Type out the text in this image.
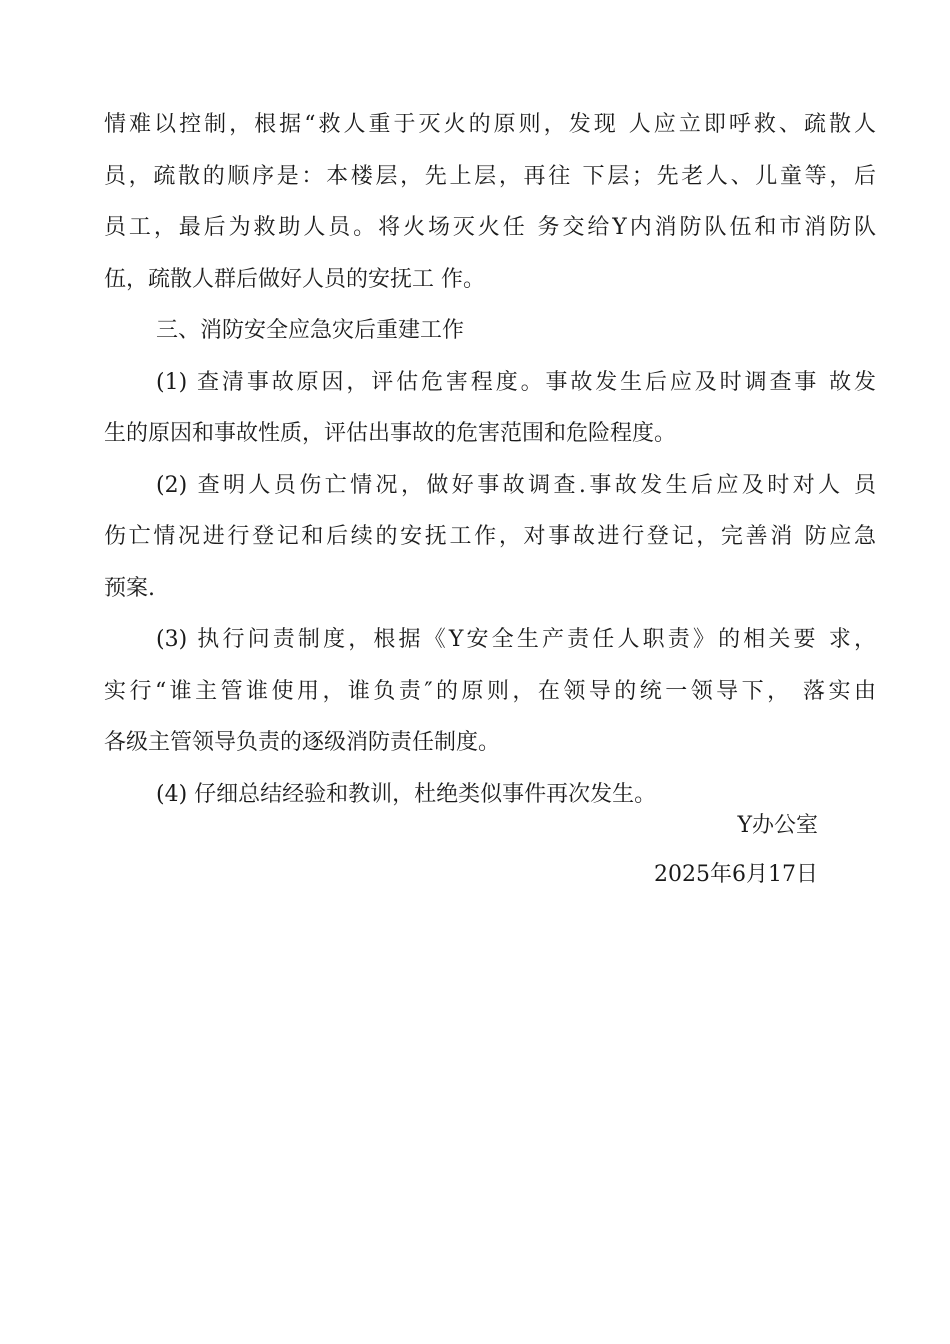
情难以控制，根据“救人重于灭火的原则，发现 人应立即呼救、疏散人
员，疏散的顺序是：本楼层，先上层，再往 下层；先老人、儿童等，后
员工，最后为救助人员。将火场灭火任 务交给Y内消防队伍和市消防队
伍，疏散人群后做好人员的安抚工 作。
三、消防安全应急灾后重建工作
(1) 查清事故原因，评估危害程度。事故发生后应及时调查事 故发
生的原因和事故性质，评估出事故的危害范围和危险程度。
(2) 查明人员伤亡情况，做好事故调查.事故发生后应及时对人 员
伤亡情况进行登记和后续的安抚工作，对事故进行登记，完善消 防应急
预案.
(3) 执行问责制度，根据《Y安全生产责任人职责》的相关要 求，
实行“谁主管谁使用，谁负责″的原则，在领导的统一领导下， 落实由
各级主管领导负责的逐级消防责任制度。
(4) 仔细总结经验和教训，杜绝类似事件再次发生。
Y办公室
2025年6月17日
